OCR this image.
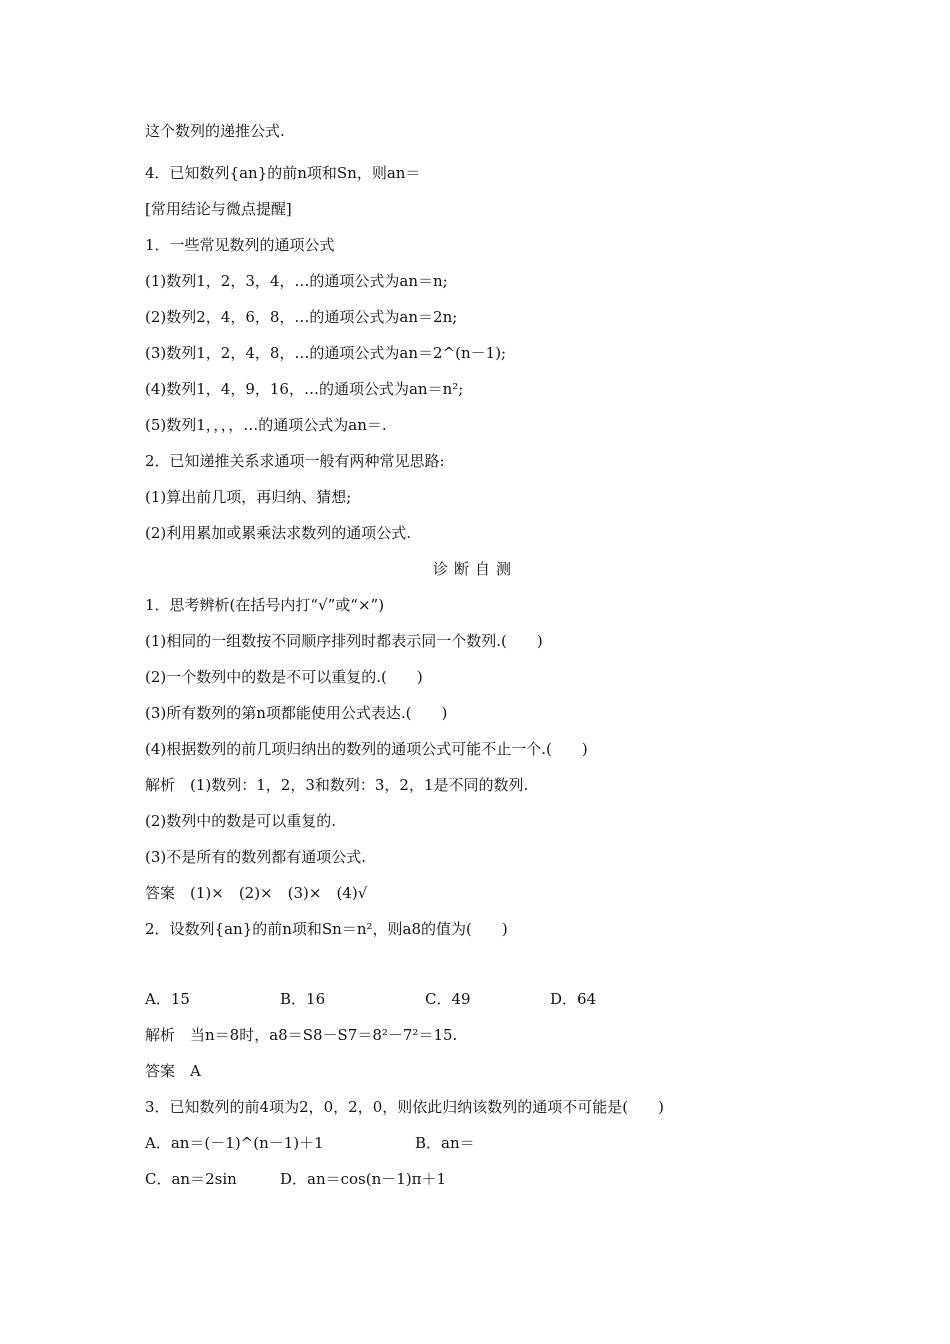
这个数列的递推公式.
4．已知数列{an}的前n项和Sn，则an＝
[常用结论与微点提醒]
1．一些常见数列的通项公式
(1)数列1，2，3，4，…的通项公式为an＝n;
(2)数列2，4，6，8，…的通项公式为an＝2n;
(3)数列1，2，4，8，…的通项公式为an＝2^(n－1);
(4)数列1，4，9，16，…的通项公式为an＝n²;
(5)数列1，，，，…的通项公式为an＝.
2．已知递推关系求通项一般有两种常见思路:
(1)算出前几项，再归纳、猜想;
(2)利用累加或累乘法求数列的通项公式.
诊断自测
1．思考辨析(在括号内打“√”或“×”)
(1)相同的一组数按不同顺序排列时都表示同一个数列.(　　)
(2)一个数列中的数是不可以重复的.(　　)
(3)所有数列的第n项都能使用公式表达.(　　)
(4)根据数列的前几项归纳出的数列的通项公式可能不止一个.(　　)
解析　(1)数列：1，2，3和数列：3，2，1是不同的数列.
(2)数列中的数是可以重复的.
(3)不是所有的数列都有通项公式.
答案　(1)×　(2)×　(3)×　(4)√
2．设数列{an}的前n项和Sn＝n²，则a8的值为(　　)
A．15	B．16	C．49	D．64
解析　当n＝8时，a8＝S8－S7＝8²－7²＝15.
答案　A
3．已知数列的前4项为2，0，2，0，则依此归纳该数列的通项不可能是(　　)
A．an＝(－1)^(n－1)＋1	B．an＝
C．an＝2sin	D．an＝cos(n－1)π＋1
